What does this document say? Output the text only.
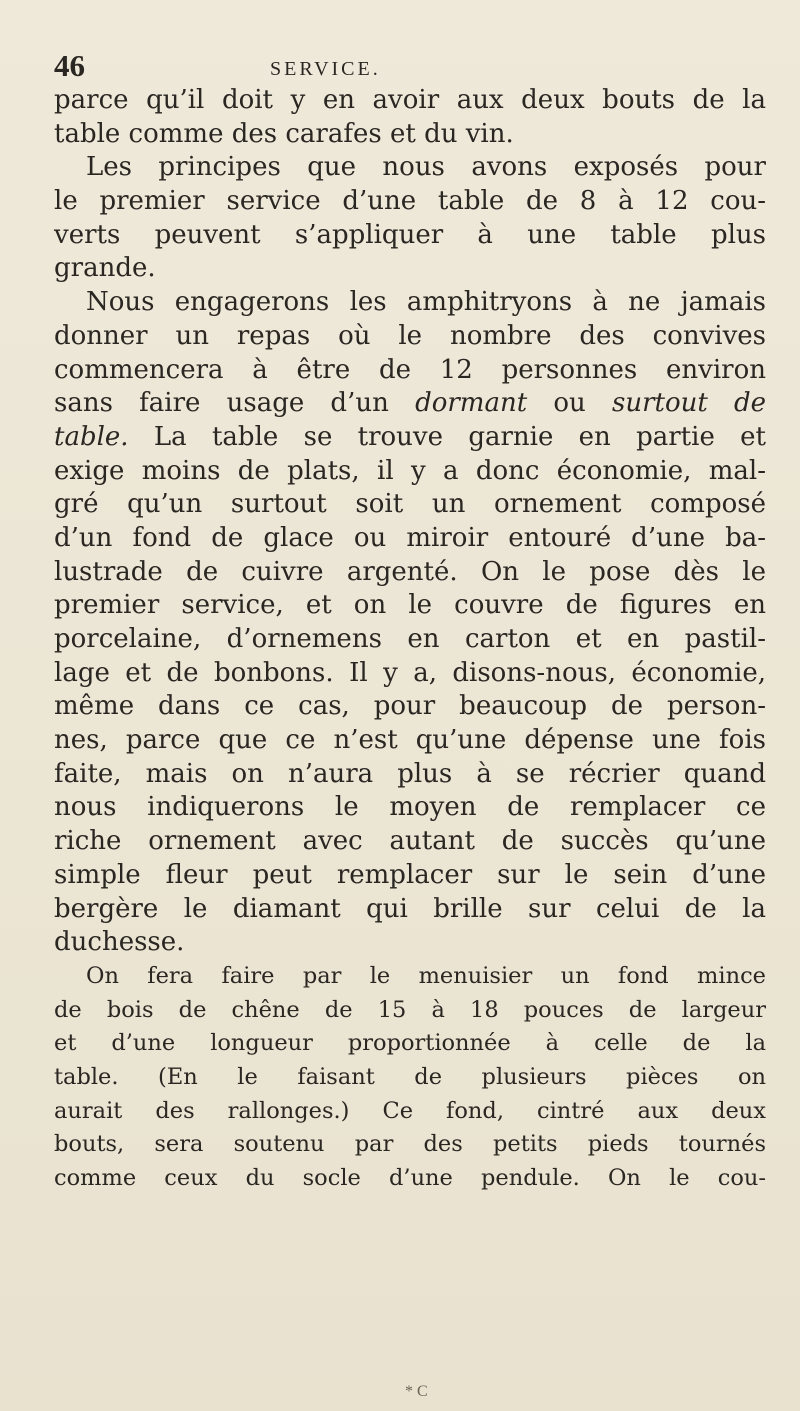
46	SERVICE.
parce qu’il doit y en avoir aux deux bouts de la
table comme des carafes et du vin.
Les principes que nous avons exposés pour
le premier service d’une table de 8 à 12 cou-
verts peuvent s’appliquer à une table plus
grande.
Nous engagerons les amphitryons à ne jamais
donner un repas où le nombre des convives
commencera à être de 12 personnes environ
sans faire usage d’un dormant ou surtout de
table. La table se trouve garnie en partie et
exige moins de plats, il y a donc économie, mal-
gré qu’un surtout soit un ornement composé
d’un fond de glace ou miroir entouré d’une ba-
lustrade de cuivre argenté. On le pose dès le
premier service, et on le couvre de figures en
porcelaine, d’ornemens en carton et en pastil-
lage et de bonbons. Il y a, disons-nous, économie,
même dans ce cas, pour beaucoup de person-
nes, parce que ce n’est qu’une dépense une fois
faite, mais on n’aura plus à se récrier quand
nous indiquerons le moyen de remplacer ce
riche ornement avec autant de succès qu’une
simple fleur peut remplacer sur le sein d’une
bergère le diamant qui brille sur celui de la
duchesse.
On fera faire par le menuisier un fond mince
de bois de chêne de 15 à 18 pouces de largeur
et d’une longueur proportionnée à celle de la
table. (En le faisant de plusieurs pièces on
aurait des rallonges.) Ce fond, cintré aux deux
bouts, sera soutenu par des petits pieds tournés
comme ceux du socle d’une pendule. On le cou-
* C
